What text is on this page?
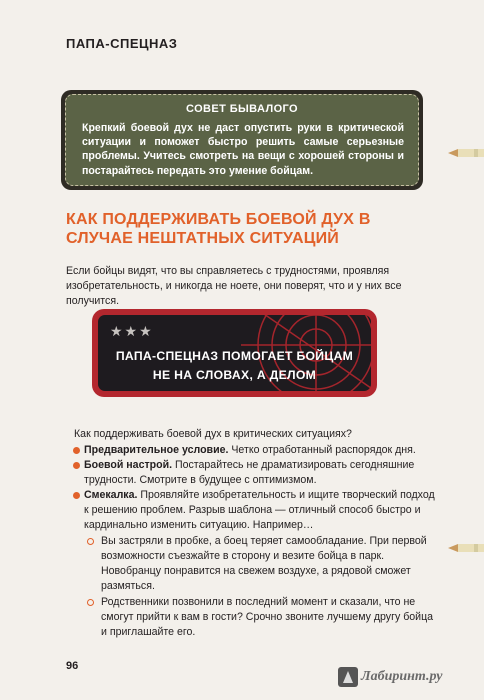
ПАПА-СПЕЦНАЗ
СОВЕТ БЫВАЛОГО
Крепкий боевой дух не даст опустить руки в критической ситуации и поможет быстро решить самые серьезные проблемы. Учитесь смотреть на вещи с хорошей стороны и постарайтесь передать это умение бойцам.
КАК ПОДДЕРЖИВАТЬ БОЕВОЙ ДУХ В СЛУЧАЕ НЕШТАТНЫХ СИТУАЦИЙ
Если бойцы видят, что вы справляетесь с трудностями, проявляя изобретательность, и никогда не ноете, они поверят, что и у них все получится.
★★★
ПАПА-СПЕЦНАЗ ПОМОГАЕТ БОЙЦАМ
НЕ НА СЛОВАХ, А ДЕЛОМ
Как поддерживать боевой дух в критических ситуациях?
Предварительное условие. Четко отработанный распорядок дня.
Боевой настрой. Постарайтесь не драматизировать сегодняшние трудности. Смотрите в будущее с оптимизмом.
Смекалка. Проявляйте изобретательность и ищите творческий подход к решению проблем. Разрыв шаблона — отличный способ быстро и кардинально изменить ситуацию. Например…
Вы застряли в пробке, а боец теряет самообладание. При первой возможности съезжайте в сторону и везите бойца в парк. Новобранцу понравится на свежем воздухе, а рядовой сможет размяться.
Родственники позвонили в последний момент и сказали, что не смогут прийти к вам в гости? Срочно звоните лучшему другу бойца и приглашайте его.
96
Лабиринт.ру
